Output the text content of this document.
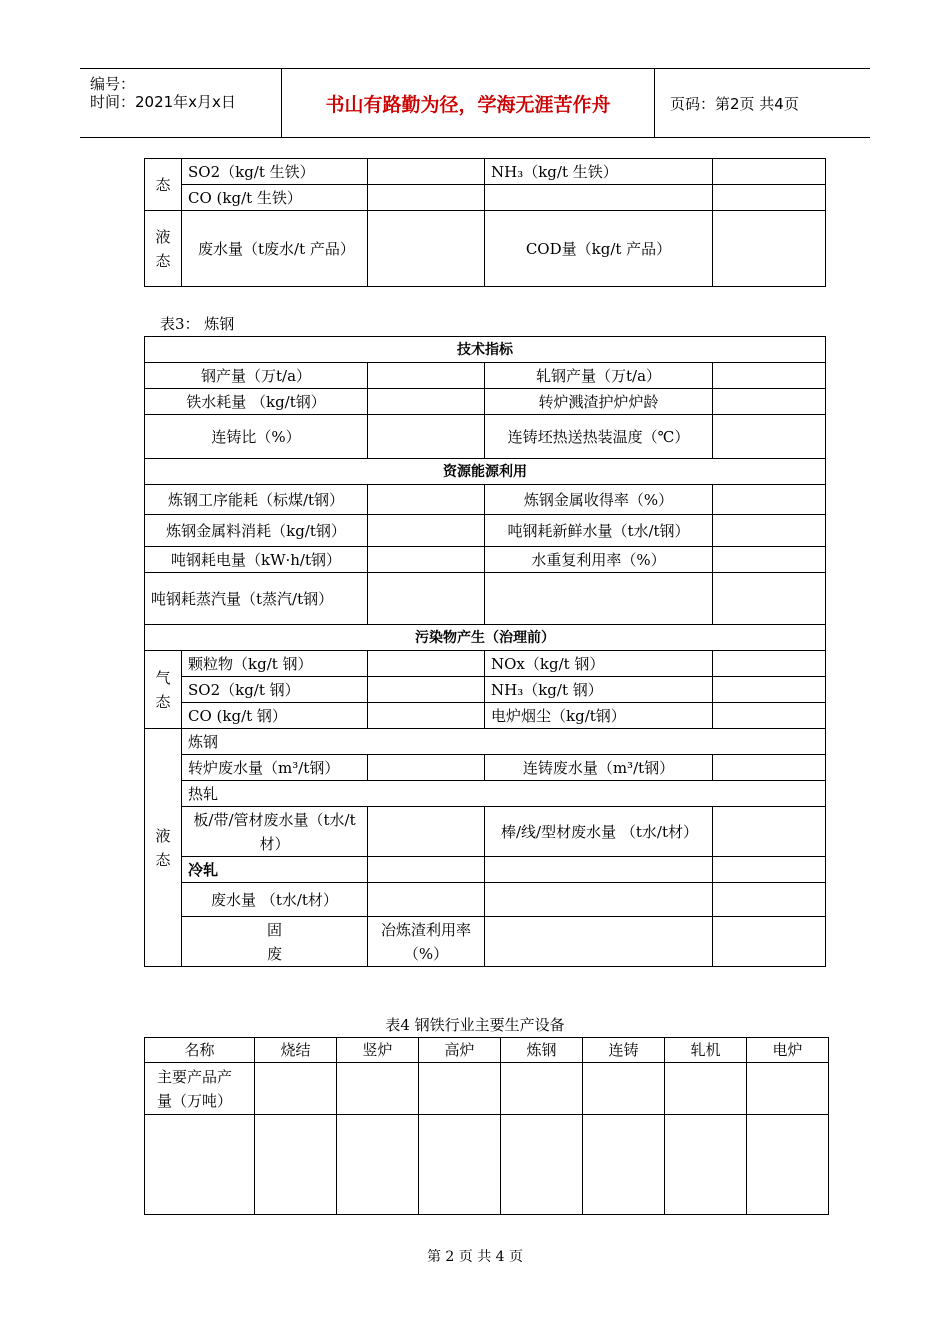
编号：
时间：2021年x月x日	书山有路勤为径，学海无涯苦作舟	页码：第2页 共4页
态	SO2（kg/t 生铁）		NH₃（kg/t 生铁）	
	CO (kg/t 生铁）			
液
态	废水量（t废水/t 产品）		COD量（kg/t 产品）	
表3： 炼钢
技术指标					
钢产量（万t/a）			轧钢产量（万t/a）		
铁水耗量 （kg/t钢）			转炉溅渣护炉炉龄		
连铸比（%）			连铸坯热送热装温度（℃）		
资源能源利用					
炼钢工序能耗（标煤/t钢）			炼钢金属收得率（%）		
炼钢金属料消耗（kg/t钢）			吨钢耗新鲜水量（t水/t钢）		
吨钢耗电量（kW·h/t钢）			水重复利用率（%）		
吨钢耗蒸汽量（t蒸汽/t钢）					
污染物产生（治理前）					
气
态	颗粒物（kg/t 钢）		NOx（kg/t 钢）		
	SO2（kg/t 钢）		NH₃（kg/t 钢）		
	CO (kg/t 钢）		电炉烟尘（kg/t钢）		
液
态	炼钢				
	转炉废水量（m³/t钢）		连铸废水量（m³/t钢）		
	热轧				
	板/带/管材废水量（t水/t材）		棒/线/型材废水量 （t水/t材）		
	冷轧				
	废水量 （t水/t材）				
	固
废	冶炼渣利用率（%）			
表4 钢铁行业主要生产设备
名称	烧结	竖炉	高炉	炼钢	连铸	轧机	电炉
主要产品产量（万吨）							

第 2 页 共 4 页
